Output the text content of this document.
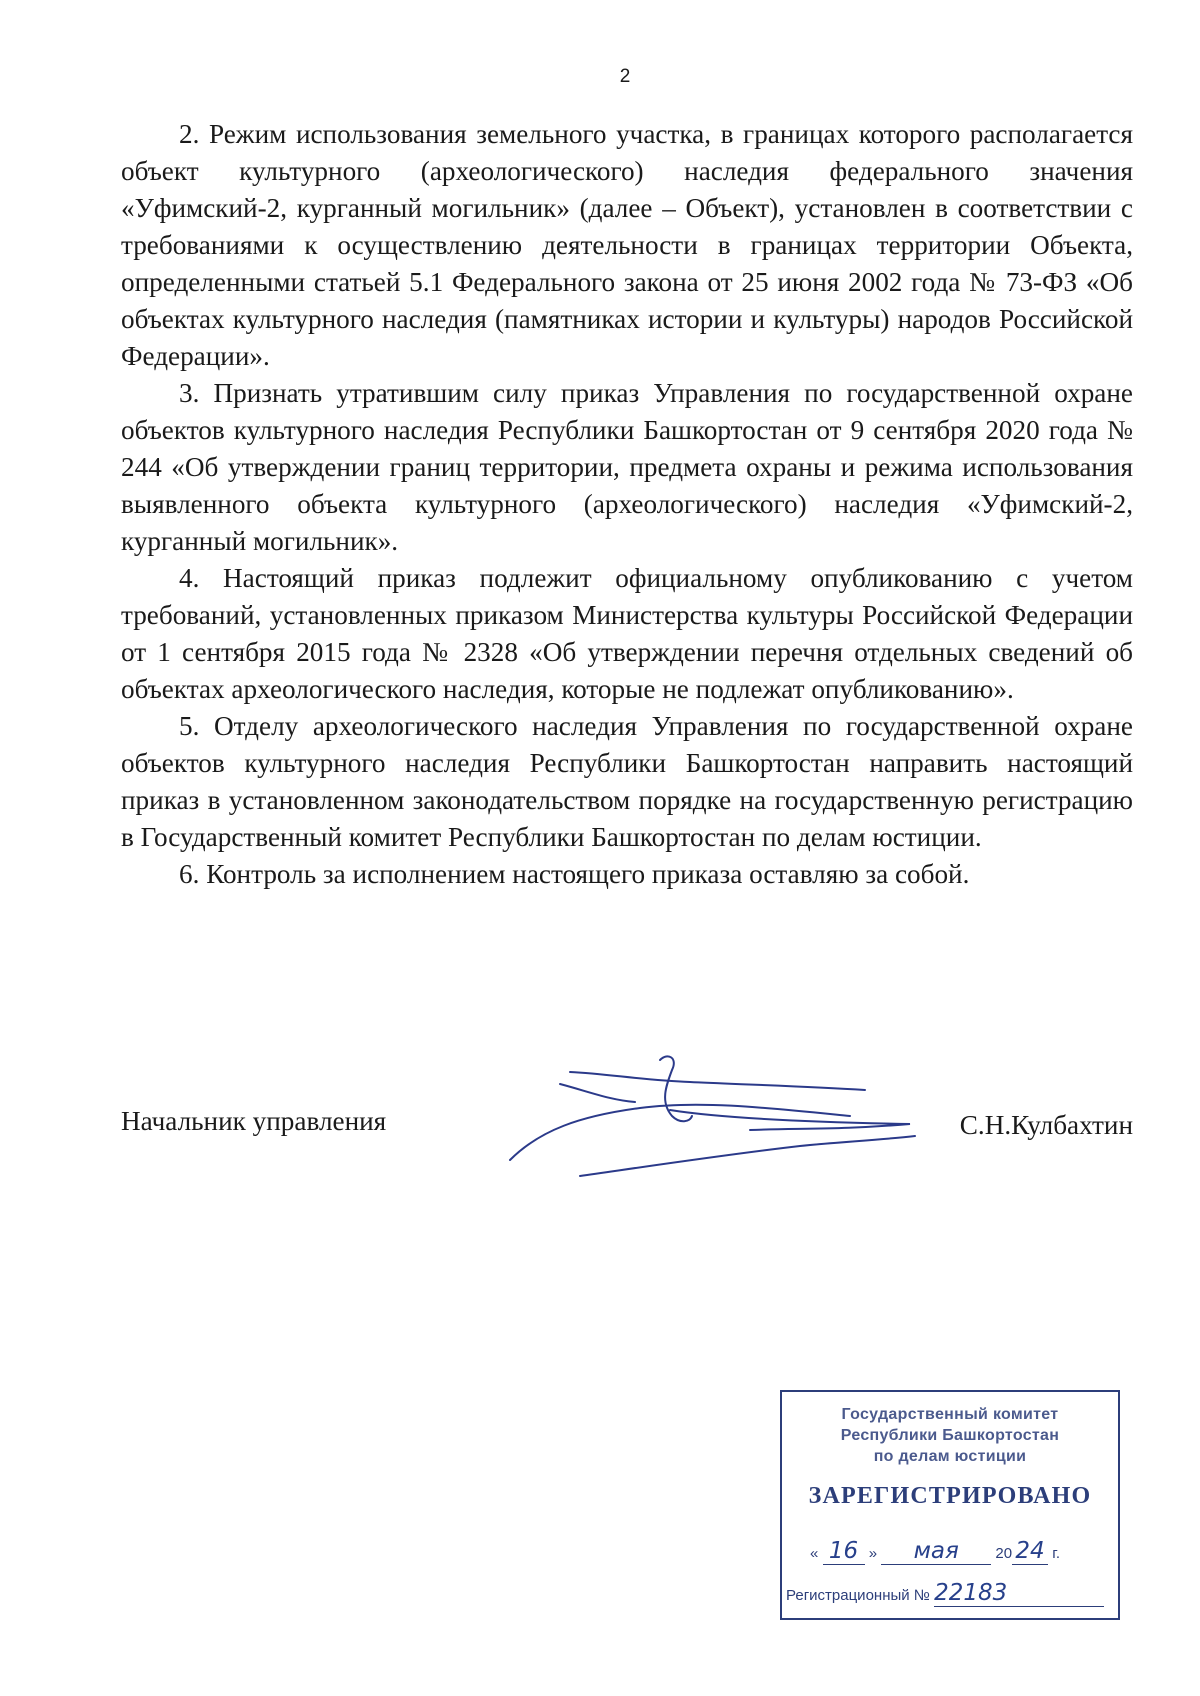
2

2. Режим использования земельного участка, в границах которого располагается объект культурного (археологического) наследия федерального значения «Уфимский-2, курганный могильник» (далее – Объект), установлен в соответствии с требованиями к осуществлению деятельности в границах территории Объекта, определенными статьей 5.1 Федерального закона от 25 июня 2002 года № 73-ФЗ «Об объектах культурного наследия (памятниках истории и культуры) народов Российской Федерации».

3. Признать утратившим силу приказ Управления по государственной охране объектов культурного наследия Республики Башкортостан от 9 сентября 2020 года № 244 «Об утверждении границ территории, предмета охраны и режима использования выявленного объекта культурного (археологического) наследия «Уфимский-2, курганный могильник».

4. Настоящий приказ подлежит официальному опубликованию с учетом требований, установленных приказом Министерства культуры Российской Федерации от 1 сентября 2015 года № 2328 «Об утверждении перечня отдельных сведений об объектах археологического наследия, которые не подлежат опубликованию».

5. Отделу археологического наследия Управления по государственной охране объектов культурного наследия Республики Башкортостан направить настоящий приказ в установленном законодательством порядке на государственную регистрацию в Государственный комитет Республики Башкортостан по делам юстиции.

6. Контроль за исполнением настоящего приказа оставляю за собой.

Начальник управления	С.Н.Кулбахтин
Государственный комитет
Республики Башкортостан
по делам юстиции
ЗАРЕГИСТРИРОВАНО
« 16 » мая 20 24 г.
Регистрационный № 22183
